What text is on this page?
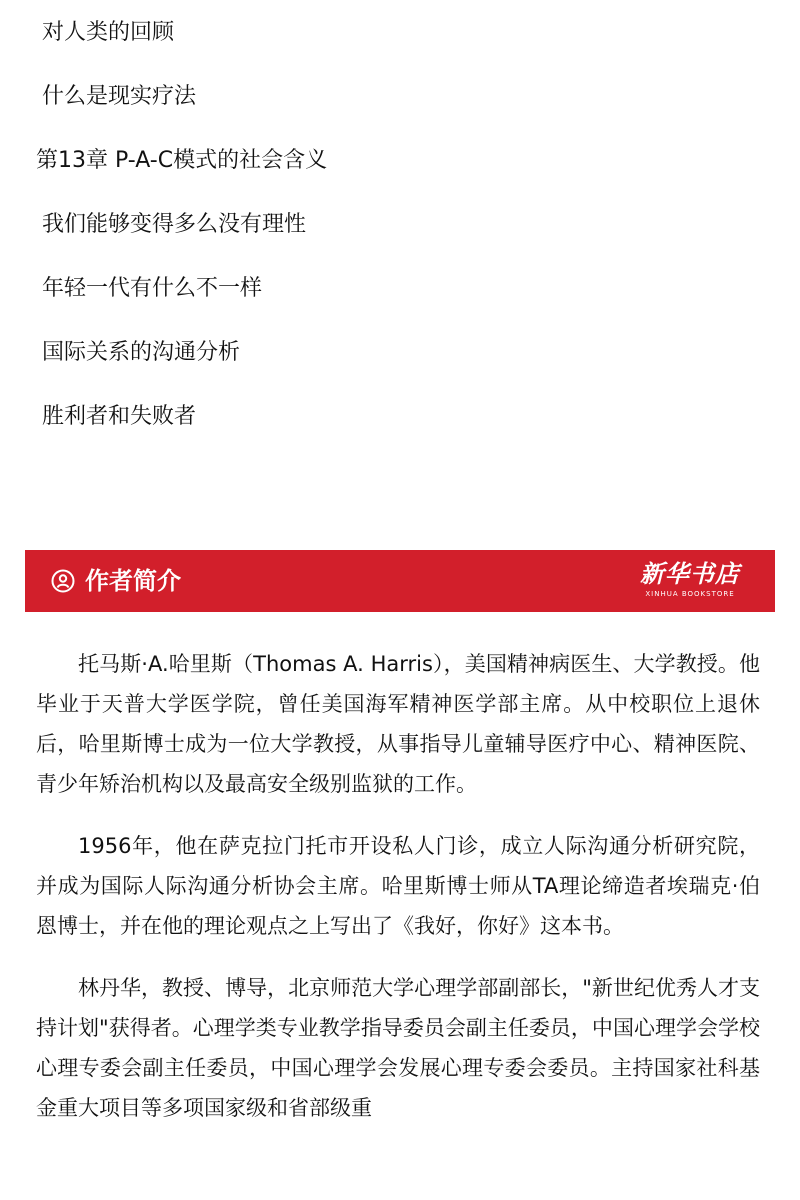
对人类的回顾
什么是现实疗法
第13章 P-A-C模式的社会含义
我们能够变得多么没有理性
年轻一代有什么不一样
国际关系的沟通分析
胜利者和失败者
作者简介	新华书店
XINHUA BOOKSTORE

托马斯·A.哈里斯（Thomas A. Harris），美国精神病医生、大学教授。他毕业于天普大学医学院，曾任美国海军精神医学部主席。从中校职位上退休后，哈里斯博士成为一位大学教授，从事指导儿童辅导医疗中心、精神医院、青少年矫治机构以及最高安全级别监狱的工作。

1956年，他在萨克拉门托市开设私人门诊，成立人际沟通分析研究院，并成为国际人际沟通分析协会主席。哈里斯博士师从TA理论缔造者埃瑞克·伯恩博士，并在他的理论观点之上写出了《我好，你好》这本书。

林丹华，教授、博导，北京师范大学心理学部副部长，"新世纪优秀人才支持计划"获得者。心理学类专业教学指导委员会副主任委员，中国心理学会学校心理专委会副主任委员，中国心理学会发展心理专委会委员。主持国家社科基金重大项目等多项国家级和省部级重
